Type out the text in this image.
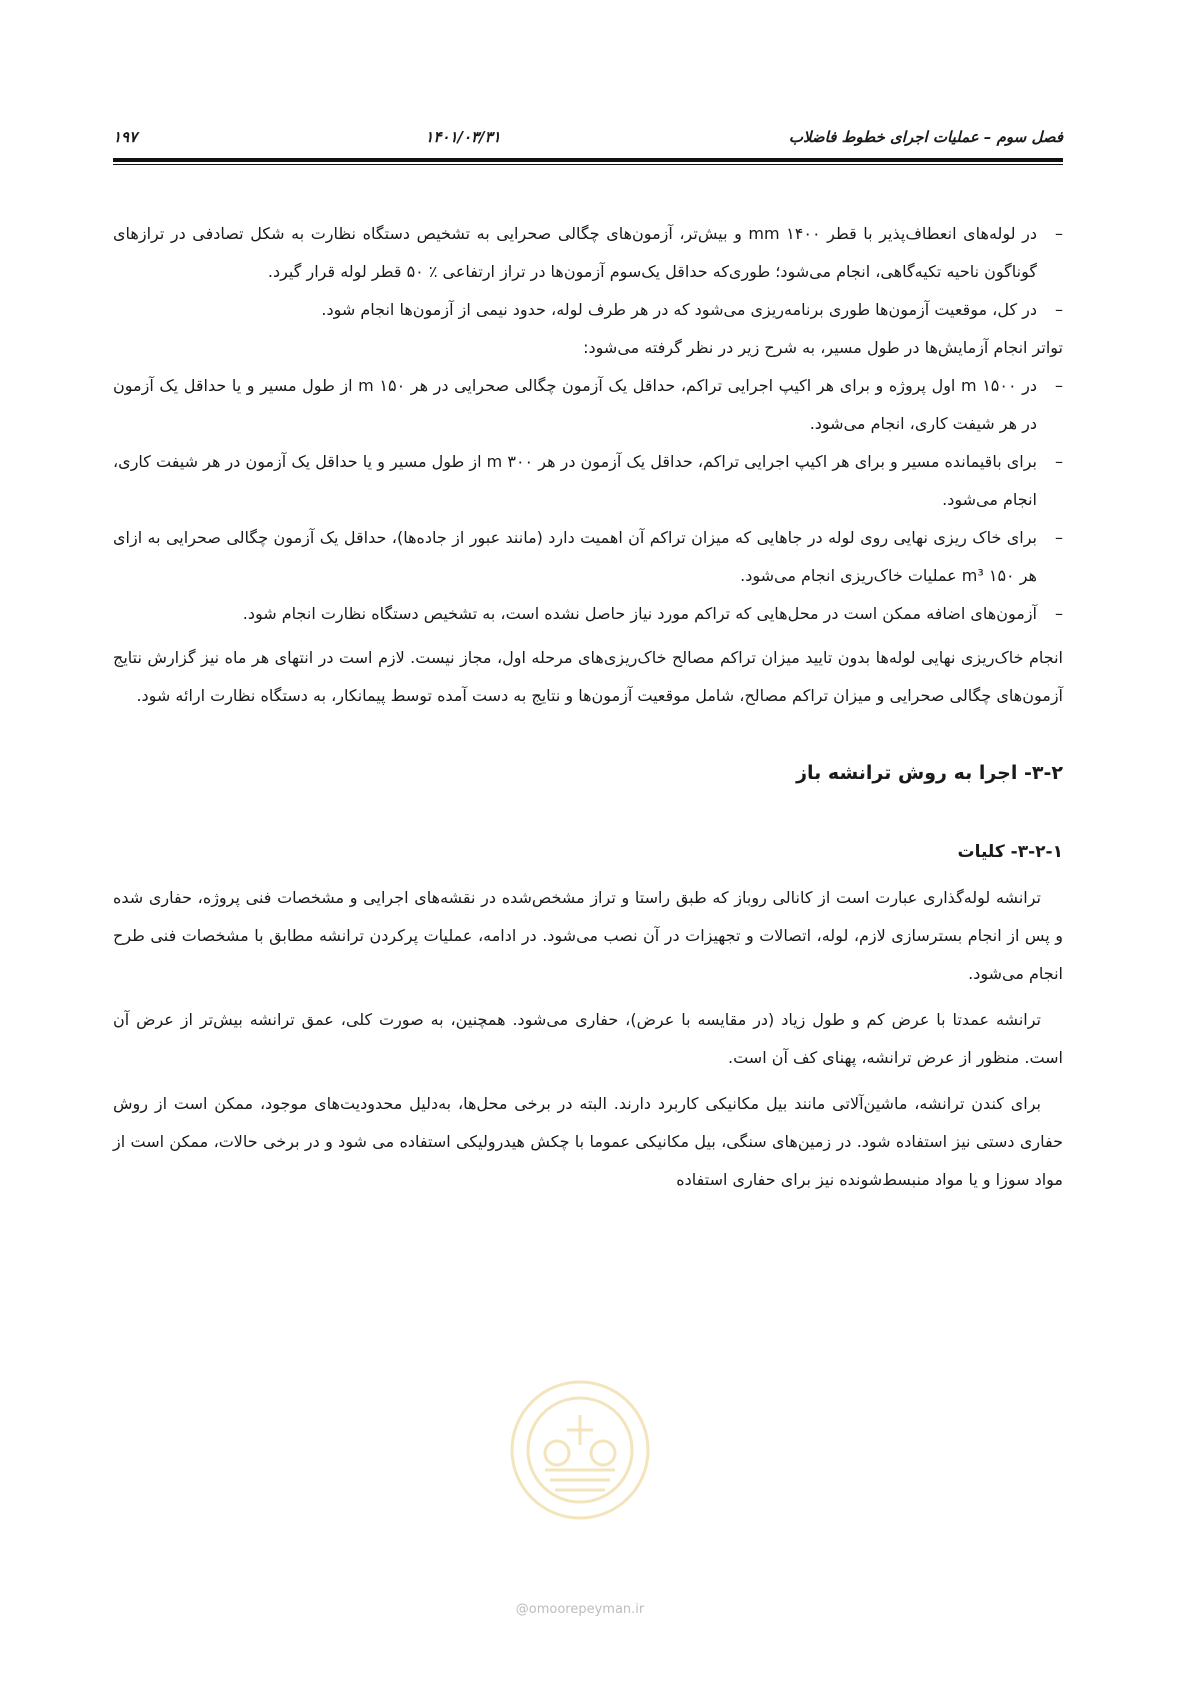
۱۹۷	۱۴۰۱/۰۳/۳۱	فصل سوم – عملیات اجرای خطوط فاضلاب

–
در لوله‌های انعطاف‌پذیر با قطر ۱۴۰۰ mm و بیش‌تر، آزمون‌های چگالی صحرایی به تشخیص دستگاه نظارت به شکل تصادفی در ترازهای گوناگون ناحیه تکیه‌گاهی، انجام می‌شود؛ طوری‌که حداقل یک‌سوم آزمون‌ها در تراز ارتفاعی ٪ ۵۰ قطر لوله قرار گیرد.

–
در کل، موقعیت آزمون‌ها طوری برنامه‌ریزی می‌شود که در هر طرف لوله، حدود نیمی از آزمون‌ها انجام شود.

تواتر انجام آزمایش‌ها در طول مسیر، به شرح زیر در نظر گرفته می‌شود:

–
در ۱۵۰۰ m اول پروژه و برای هر اکیپ اجرایی تراکم، حداقل یک آزمون چگالی صحرایی در هر ۱۵۰ m از طول مسیر و یا حداقل یک آزمون در هر شیفت کاری، انجام می‌شود.

–
برای باقیمانده مسیر و برای هر اکیپ اجرایی تراکم، حداقل یک آزمون در هر ۳۰۰ m از طول مسیر و یا حداقل یک آزمون در هر شیفت کاری، انجام می‌شود.

–
برای خاک ریزی نهایی روی لوله در جاهایی که میزان تراکم آن اهمیت دارد (مانند عبور از جاده‌ها)، حداقل یک آزمون چگالی صحرایی به ازای هر ۱۵۰ m³ عملیات خاک‌ریزی انجام می‌شود.

–
آزمون‌های اضافه ممکن است در محل‌هایی که تراکم مورد نیاز حاصل نشده است، به تشخیص دستگاه نظارت انجام شود.

انجام خاک‌ریزی نهایی لوله‌ها بدون تایید میزان تراکم مصالح خاک‌ریزی‌های مرحله اول، مجاز نیست. لازم است در انتهای هر ماه نیز گزارش نتایج آزمون‌های چگالی صحرایی و میزان تراکم مصالح، شامل موقعیت آزمون‌ها و نتایج به دست آمده توسط پیمانکار، به دستگاه نظارت ارائه شود.

۳-۲- اجرا به روش ترانشه باز
۳-۲-۱- کلیات

ترانشه لوله‌گذاری عبارت است از کانالی روباز که طبق راستا و تراز مشخص‌شده در نقشه‌های اجرایی و مشخصات فنی پروژه، حفاری شده و پس از انجام بسترسازی لازم، لوله، اتصالات و تجهیزات در آن نصب می‌شود. در ادامه، عملیات پرکردن ترانشه مطابق با مشخصات فنی طرح انجام می‌شود.

ترانشه عمدتا با عرض کم و طول زیاد (در مقایسه با عرض)، حفاری می‌شود. همچنین، به صورت کلی، عمق ترانشه بیش‌تر از عرض آن است. منظور از عرض ترانشه، پهنای کف آن است.

برای کندن ترانشه، ماشین‌آلاتی مانند بیل مکانیکی کاربرد دارند. البته در برخی محل‌ها، به‌دلیل محدودیت‌های موجود، ممکن است از روش حفاری دستی نیز استفاده شود. در زمین‌های سنگی، بیل مکانیکی عموما با چکش هیدرولیکی استفاده می شود و در برخی حالات، ممکن است از مواد سوزا و یا مواد منبسط‌شونده نیز برای حفاری استفاده

@omoorepeyman.ir
